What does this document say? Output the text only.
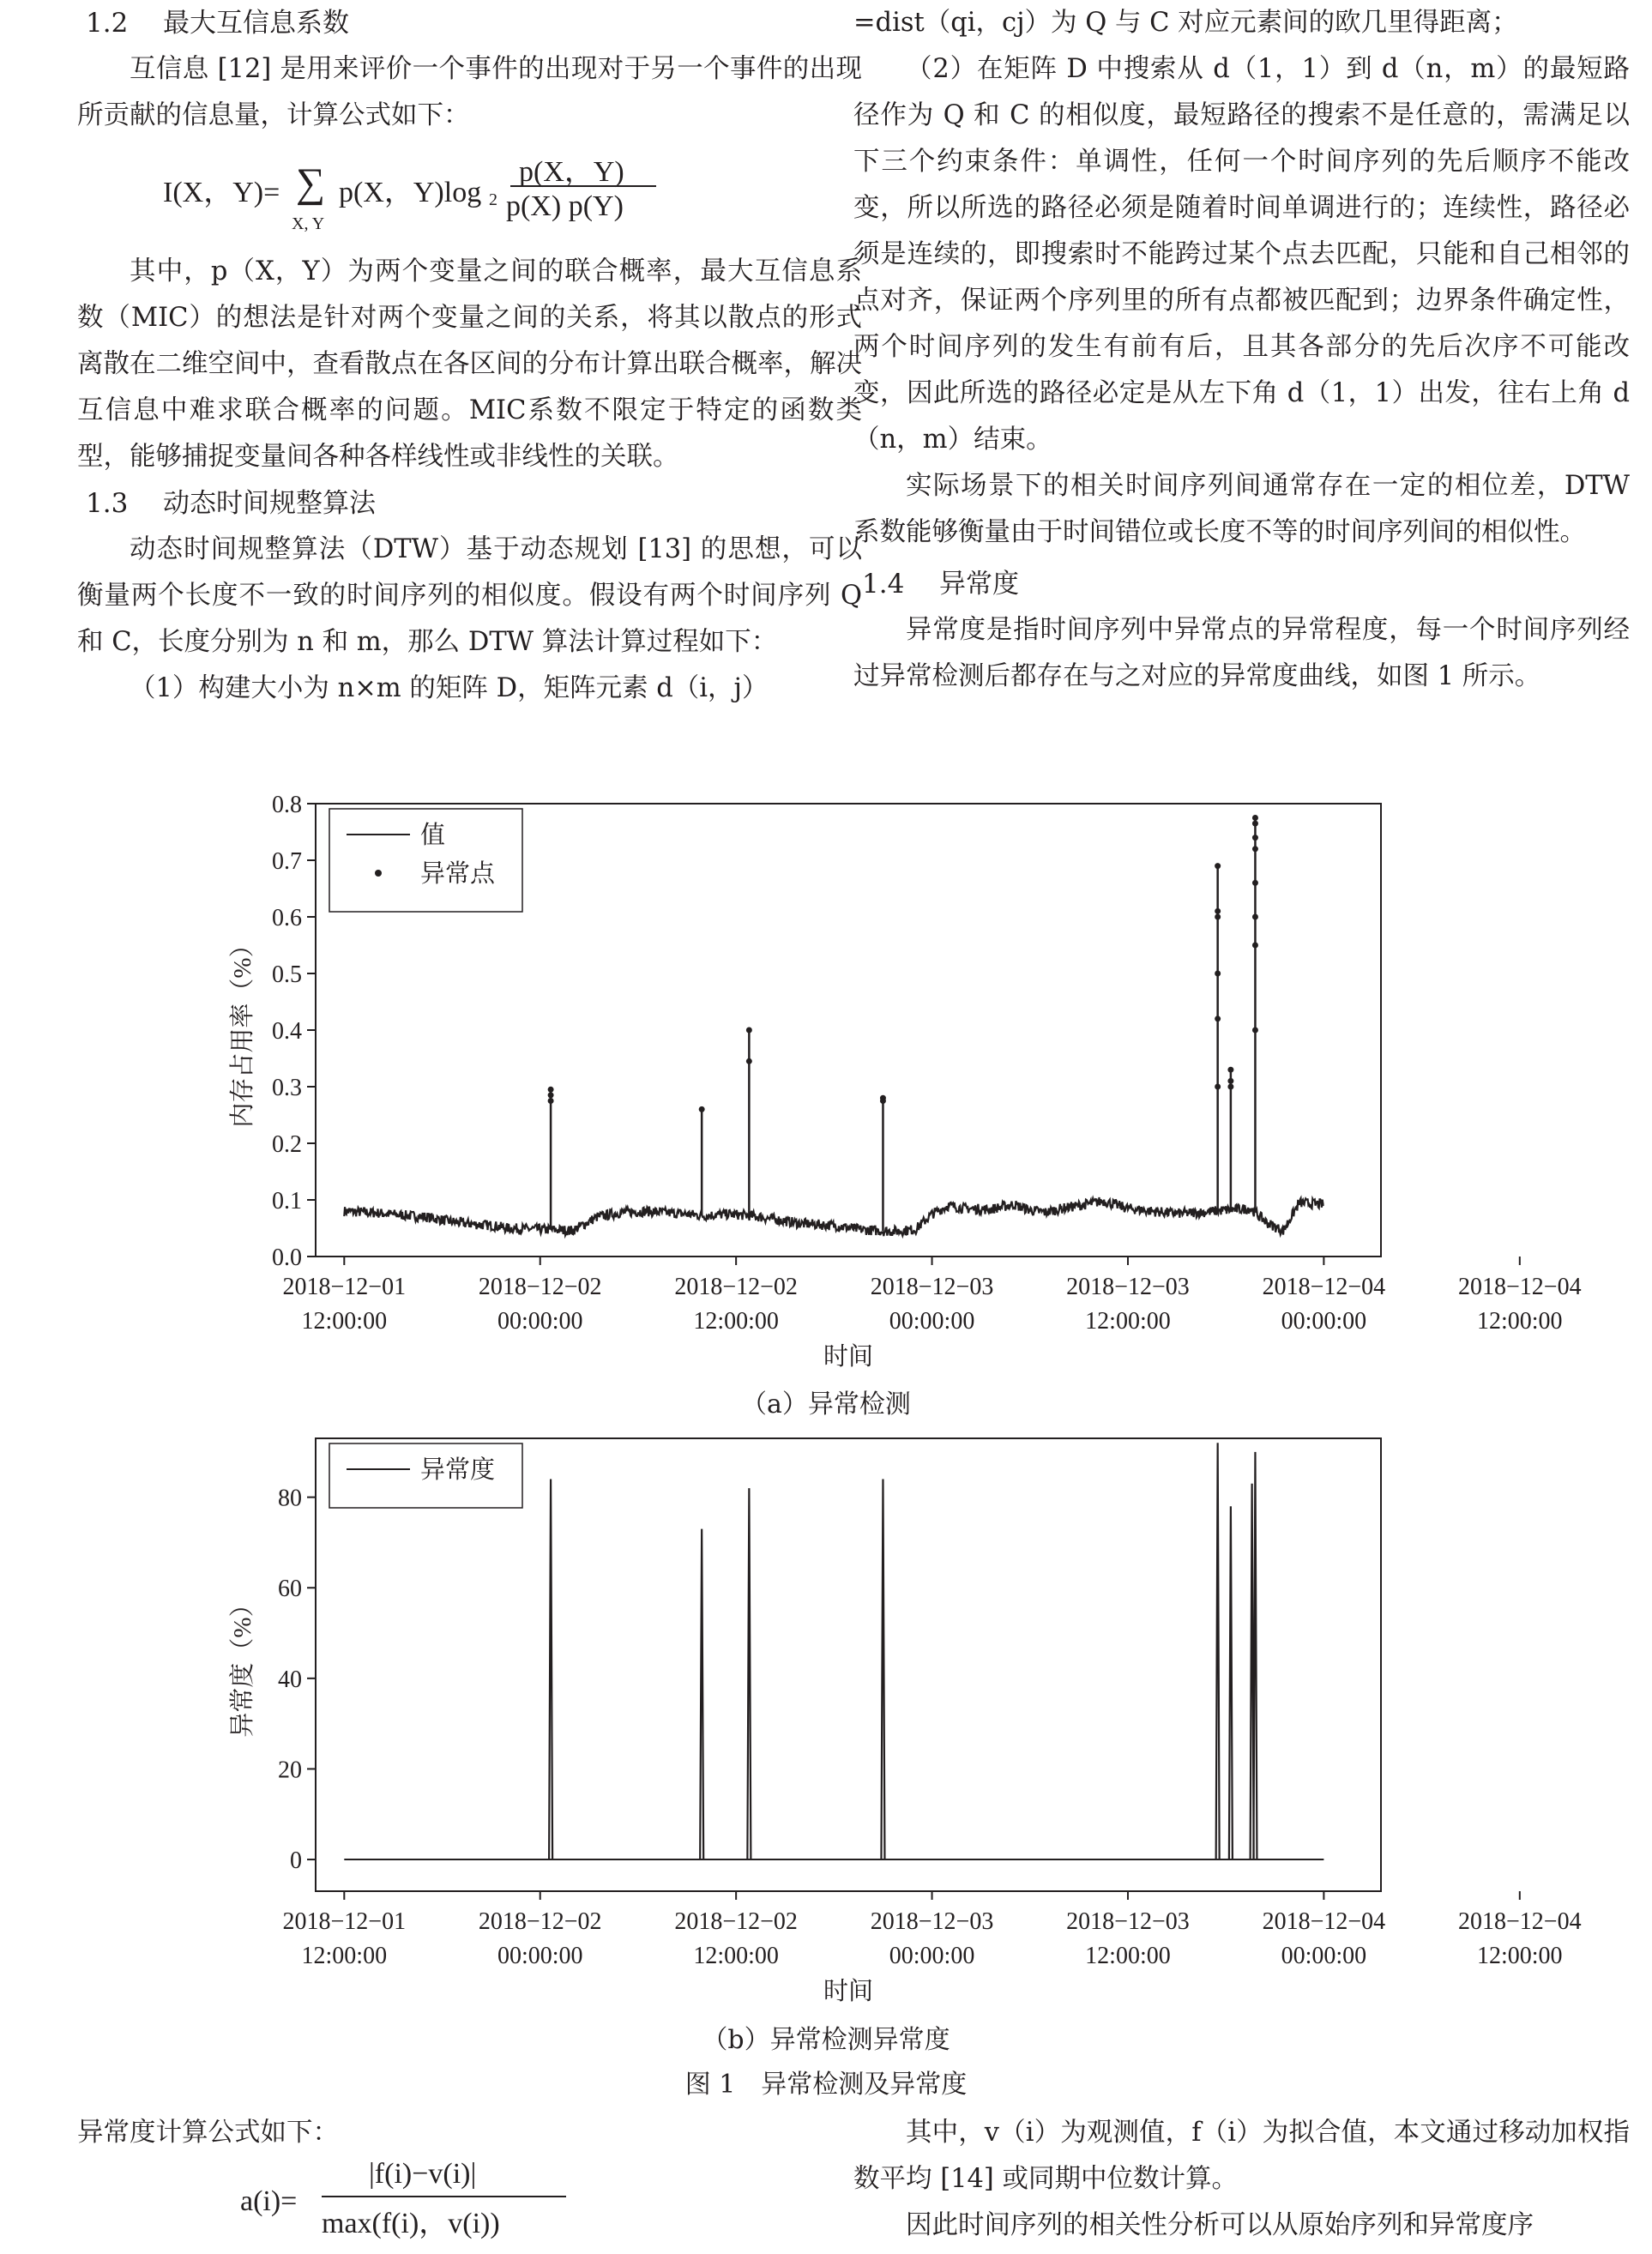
1.2 最大互信息系数

互信息 [12] 是用来评价一个事件的出现对于另一个事件的出现所贡献的信息量，计算公式如下：

I(X，Y)= ∑
X, Y
p(X，Y)log 2
p(X，Y)
p(X) p(Y)

其中，p（X，Y）为两个变量之间的联合概率，最大互信息系数（MIC）的想法是针对两个变量之间的关系，将其以散点的形式离散在二维空间中，查看散点在各区间的分布计算出联合概率，解决互信息中难求联合概率的问题。MIC系数不限定于特定的函数类型，能够捕捉变量间各种各样线性或非线性的关联。

1.3 动态时间规整算法

动态时间规整算法（DTW）基于动态规划 [13] 的思想，可以衡量两个长度不一致的时间序列的相似度。假设有两个时间序列 Q 和 C，长度分别为 n 和 m，那么 DTW 算法计算过程如下：

（1）构建大小为 n×m 的矩阵 D，矩阵元素 d（i，j）

=dist（qi，cj）为 Q 与 C 对应元素间的欧几里得距离；

（2）在矩阵 D 中搜索从 d（1，1）到 d（n，m）的最短路径作为 Q 和 C 的相似度，最短路径的搜索不是任意的，需满足以下三个约束条件：单调性，任何一个时间序列的先后顺序不能改变，所以所选的路径必须是随着时间单调进行的；连续性，路径必须是连续的，即搜索时不能跨过某个点去匹配，只能和自己相邻的点对齐，保证两个序列里的所有点都被匹配到；边界条件确定性，两个时间序列的发生有前有后，且其各部分的先后次序不可能改变，因此所选的路径必定是从左下角 d（1，1）出发，往右上角 d（n，m）结束。

实际场景下的相关时间序列间通常存在一定的相位差，DTW 系数能够衡量由于时间错位或长度不等的时间序列间的相似性。

1.4 异常度

异常度是指时间序列中异常点的异常程度，每一个时间序列经过异常检测后都存在与之对应的异常度曲线，如图 1 所示。

0.0
0.1
0.2
0.3
0.4
0.5
0.6
0.7
0.8
2018−12−01
12:00:00
2018−12−02
00:00:00
2018−12−02
12:00:00
2018−12−03
00:00:00
2018−12−03
12:00:00
2018−12−04
00:00:00
2018−12−04
12:00:00
时间
内存占用率（%）
值
异常点
（a）异常检测
0
20
40
60
80
2018−12−01
12:00:00
2018−12−02
00:00:00
2018−12−02
12:00:00
2018−12−03
00:00:00
2018−12−03
12:00:00
2018−12−04
00:00:00
2018−12−04
12:00:00
时间
异常度（%）
异常度
（b）异常检测异常度
图 1　异常检测及异常度

异常度计算公式如下：

a(i)=
|f(i)−v(i)|
max(f(i)，v(i))

其中，v（i）为观测值，f（i）为拟合值，本文通过移动加权指数平均 [14] 或同期中位数计算。

因此时间序列的相关性分析可以从原始序列和异常度序
